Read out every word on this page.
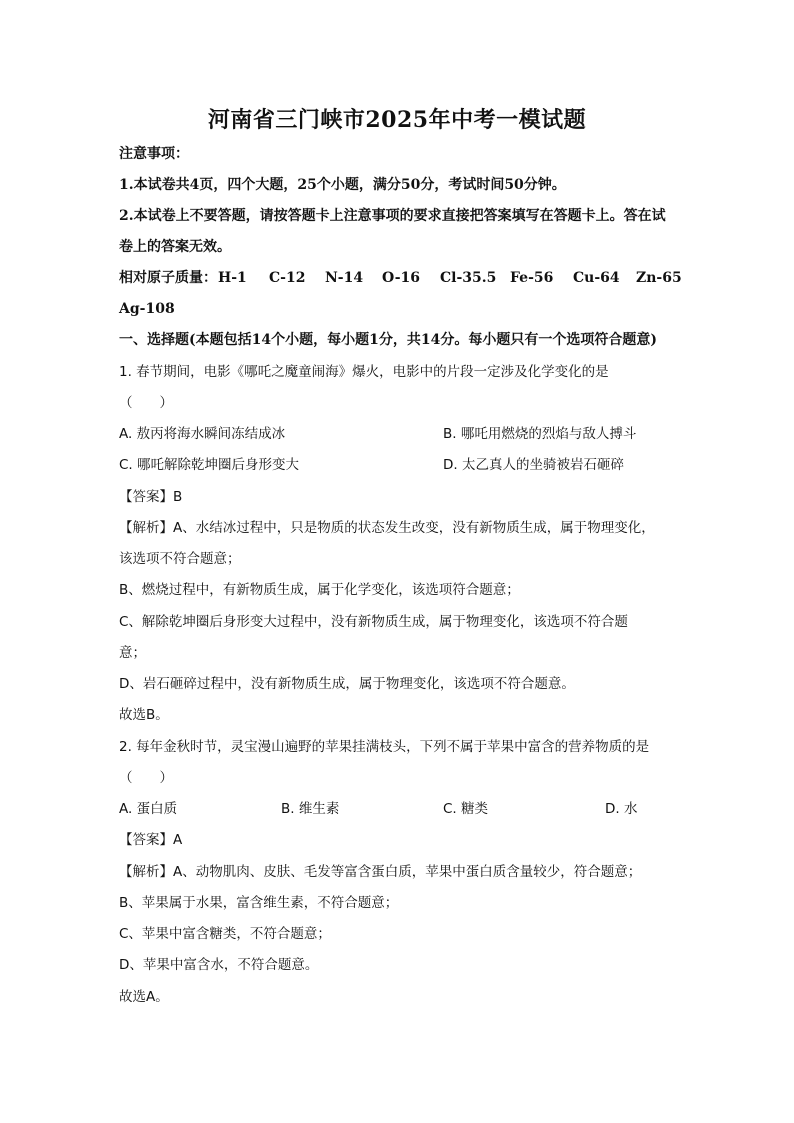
河南省三门峡市2025年中考一模试题
注意事项：
1.本试卷共4页，四个大题，25个小题，满分50分，考试时间50分钟。
2.本试卷上不要答题，请按答题卡上注意事项的要求直接把答案填写在答题卡上。答在试
卷上的答案无效。
相对原子质量： H-1 C-12 N-14 O-16 Cl-35.5 Fe-56 Cu-64 Zn-65
Ag-108
一、选择题(本题包括14个小题，每小题1分，共14分。每小题只有一个选项符合题意)
1. 春节期间，电影《哪吒之魔童闹海》爆火，电影中的片段一定涉及化学变化的是
（　　）
A. 敖丙将海水瞬间冻结成冰	B. 哪吒用燃烧的烈焰与敌人搏斗
C. 哪吒解除乾坤圈后身形变大	D. 太乙真人的坐骑被岩石砸碎
【答案】B
【解析】A、水结冰过程中，只是物质的状态发生改变，没有新物质生成，属于物理变化，
该选项不符合题意；
B、燃烧过程中，有新物质生成，属于化学变化，该选项符合题意；
C、解除乾坤圈后身形变大过程中，没有新物质生成，属于物理变化，该选项不符合题
意；
D、岩石砸碎过程中，没有新物质生成，属于物理变化，该选项不符合题意。
故选B。
2. 每年金秋时节，灵宝漫山遍野的苹果挂满枝头，下列不属于苹果中富含的营养物质的是
（　　）
A. 蛋白质	B. 维生素	C. 糖类	D. 水
【答案】A
【解析】A、动物肌肉、皮肤、毛发等富含蛋白质，苹果中蛋白质含量较少，符合题意；
B、苹果属于水果，富含维生素，不符合题意；
C、苹果中富含糖类，不符合题意；
D、苹果中富含水，不符合题意。
故选A。
